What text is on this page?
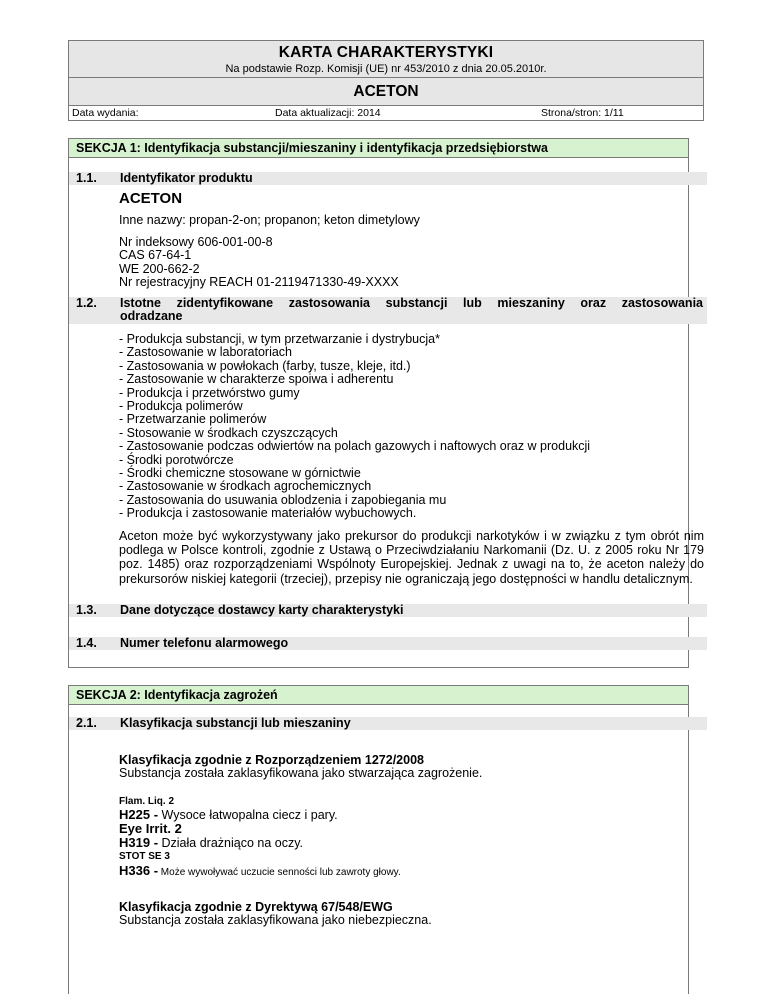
KARTA CHARAKTERYSTYKI
Na podstawie Rozp. Komisji (UE) nr 453/2010 z dnia 20.05.2010r.
ACETON
Data wydania:	Data aktualizacji: 2014	Strona/stron: 1/11
SEKCJA 1: Identyfikacja substancji/mieszaniny i identyfikacja przedsiębiorstwa
1.1. Identyfikator produktu
ACETON
Inne nazwy: propan-2-on; propanon; keton dimetylowy
Nr indeksowy 606-001-00-8
CAS 67-64-1
WE 200-662-2
Nr rejestracyjny REACH 01-2119471330-49-XXXX
1.2. Istotne zidentyfikowane zastosowania substancji lub mieszaniny oraz zastosowania
odradzane
- Produkcja substancji, w tym przetwarzanie i dystrybucja*
- Zastosowanie w laboratoriach
- Zastosowania w powłokach (farby, tusze, kleje, itd.)
- Zastosowanie w charakterze spoiwa i adherentu
- Produkcja i przetwórstwo gumy
- Produkcja polimerów
- Przetwarzanie polimerów
- Stosowanie w środkach czyszczących
- Zastosowanie podczas odwiertów na polach gazowych i naftowych oraz w produkcji
- Środki porotwórcze
- Środki chemiczne stosowane w górnictwie
- Zastosowanie w środkach agrochemicznych
- Zastosowania do usuwania oblodzenia i zapobiegania mu
- Produkcja i zastosowanie materiałów wybuchowych.
Aceton może być wykorzystywany jako prekursor do produkcji narkotyków i w związku z tym obrót nim podlega w Polsce kontroli, zgodnie z Ustawą o Przeciwdziałaniu Narkomanii (Dz. U. z 2005 roku Nr 179 poz. 1485) oraz rozporządzeniami Wspólnoty Europejskiej. Jednak z uwagi na to, że aceton należy do prekursorów niskiej kategorii (trzeciej), przepisy nie ograniczają jego dostępności w handlu detalicznym.
1.3. Dane dotyczące dostawcy karty charakterystyki
1.4. Numer telefonu alarmowego
SEKCJA 2: Identyfikacja zagrożeń
2.1. Klasyfikacja substancji lub mieszaniny
Klasyfikacja zgodnie z Rozporządzeniem 1272/2008
Substancja została zaklasyfikowana jako stwarzająca zagrożenie.
Flam. Liq. 2
H225 - Wysoce łatwopalna ciecz i pary.
Eye Irrit. 2
H319 - Działa drażniąco na oczy.
STOT SE 3
H336 - Może wywoływać uczucie senności lub zawroty głowy.
Klasyfikacja zgodnie z Dyrektywą 67/548/EWG
Substancja została zaklasyfikowana jako niebezpieczna.
